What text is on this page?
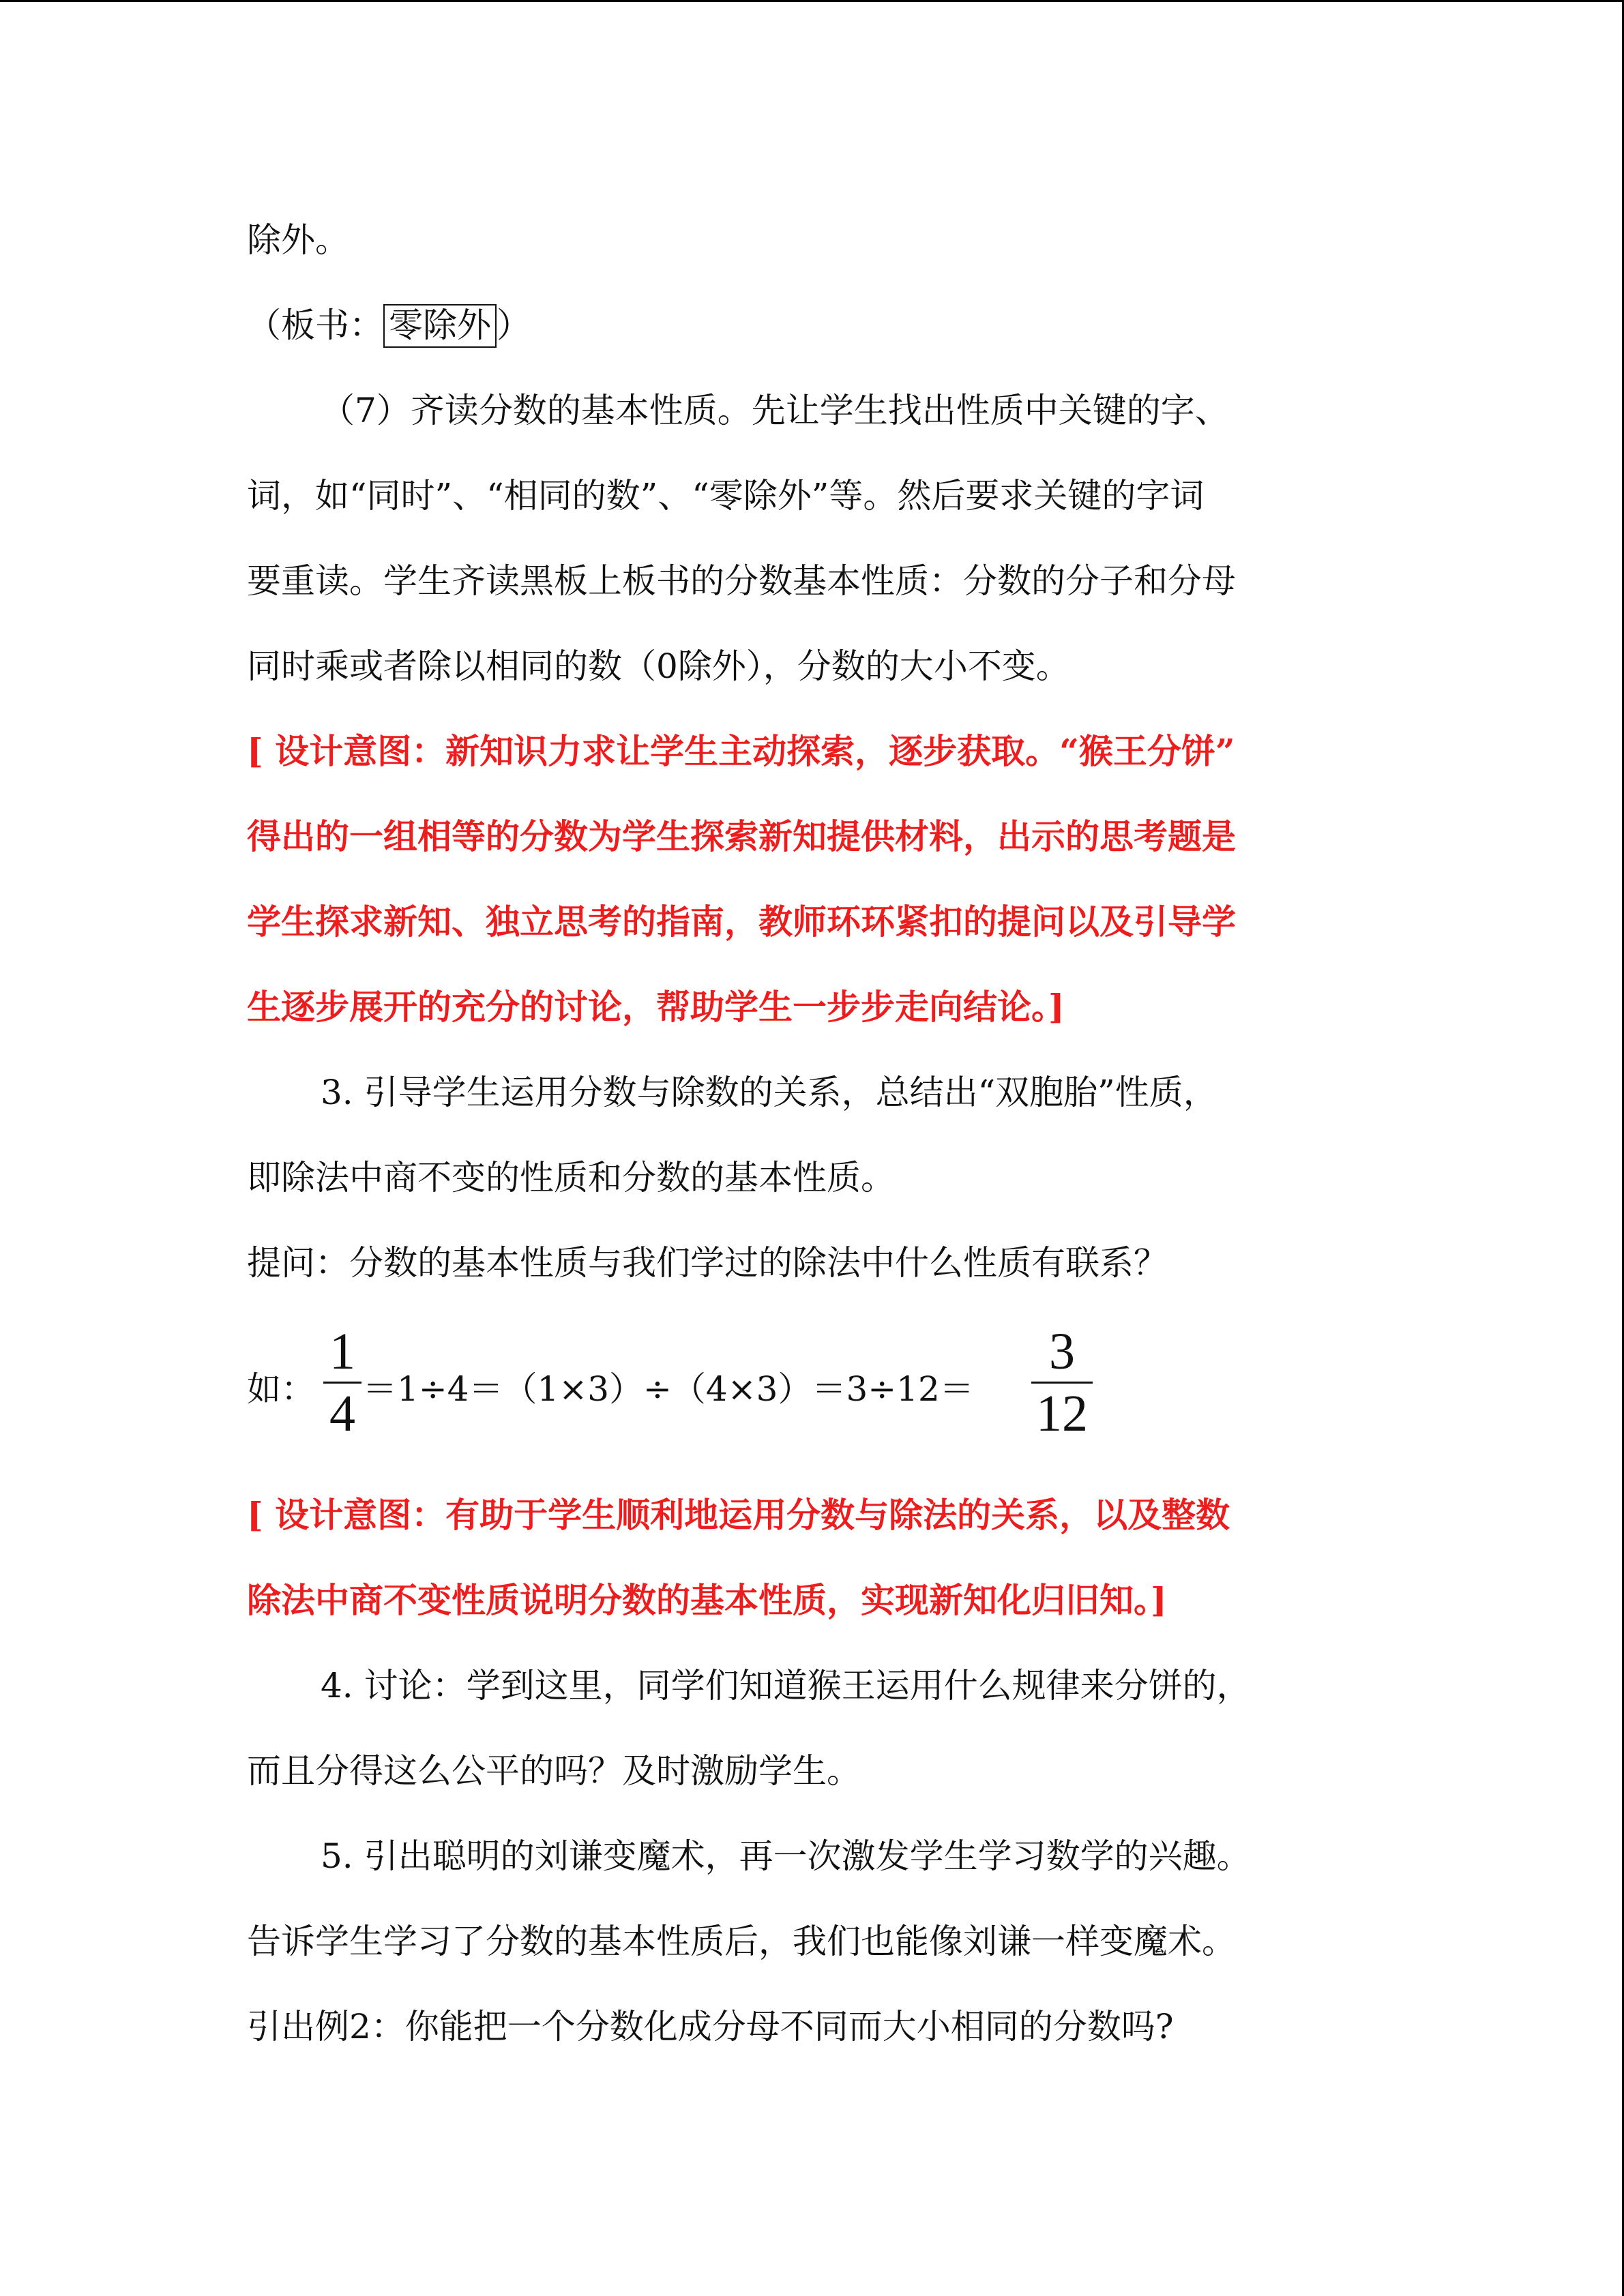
除外。
（板书： 零除外 ）
（7）齐读分数的基本性质。先让学生找出性质中关键的字、
词，如“同时”、“相同的数”、“零除外”等。然后要求关键的字词
要重读。学生齐读黑板上板书的分数基本性质：分数的分子和分母
同时乘或者除以相同的数（0除外），分数的大小不变。
[ 设计意图：新知识力求让学生主动探索，逐步获取。“猴王分饼”
得出的一组相等的分数为学生探索新知提供材料，出示的思考题是
学生探求新知、独立思考的指南，教师环环紧扣的提问以及引导学
生逐步展开的充分的讨论，帮助学生一步步走向结论。]
3. 引导学生运用分数与除数的关系，总结出“双胞胎”性质，
即除法中商不变的性质和分数的基本性质。
提问：分数的基本性质与我们学过的除法中什么性质有联系？
如：
1
4 ＝1÷4＝（1×3）÷（4×3）＝3÷12＝
3
12
[ 设计意图：有助于学生顺利地运用分数与除法的关系，以及整数
除法中商不变性质说明分数的基本性质，实现新知化归旧知。]
4. 讨论：学到这里，同学们知道猴王运用什么规律来分饼的，
而且分得这么公平的吗？及时激励学生。
5. 引出聪明的刘谦变魔术，再一次激发学生学习数学的兴趣。
告诉学生学习了分数的基本性质后，我们也能像刘谦一样变魔术。
引出例2：你能把一个分数化成分母不同而大小相同的分数吗?
